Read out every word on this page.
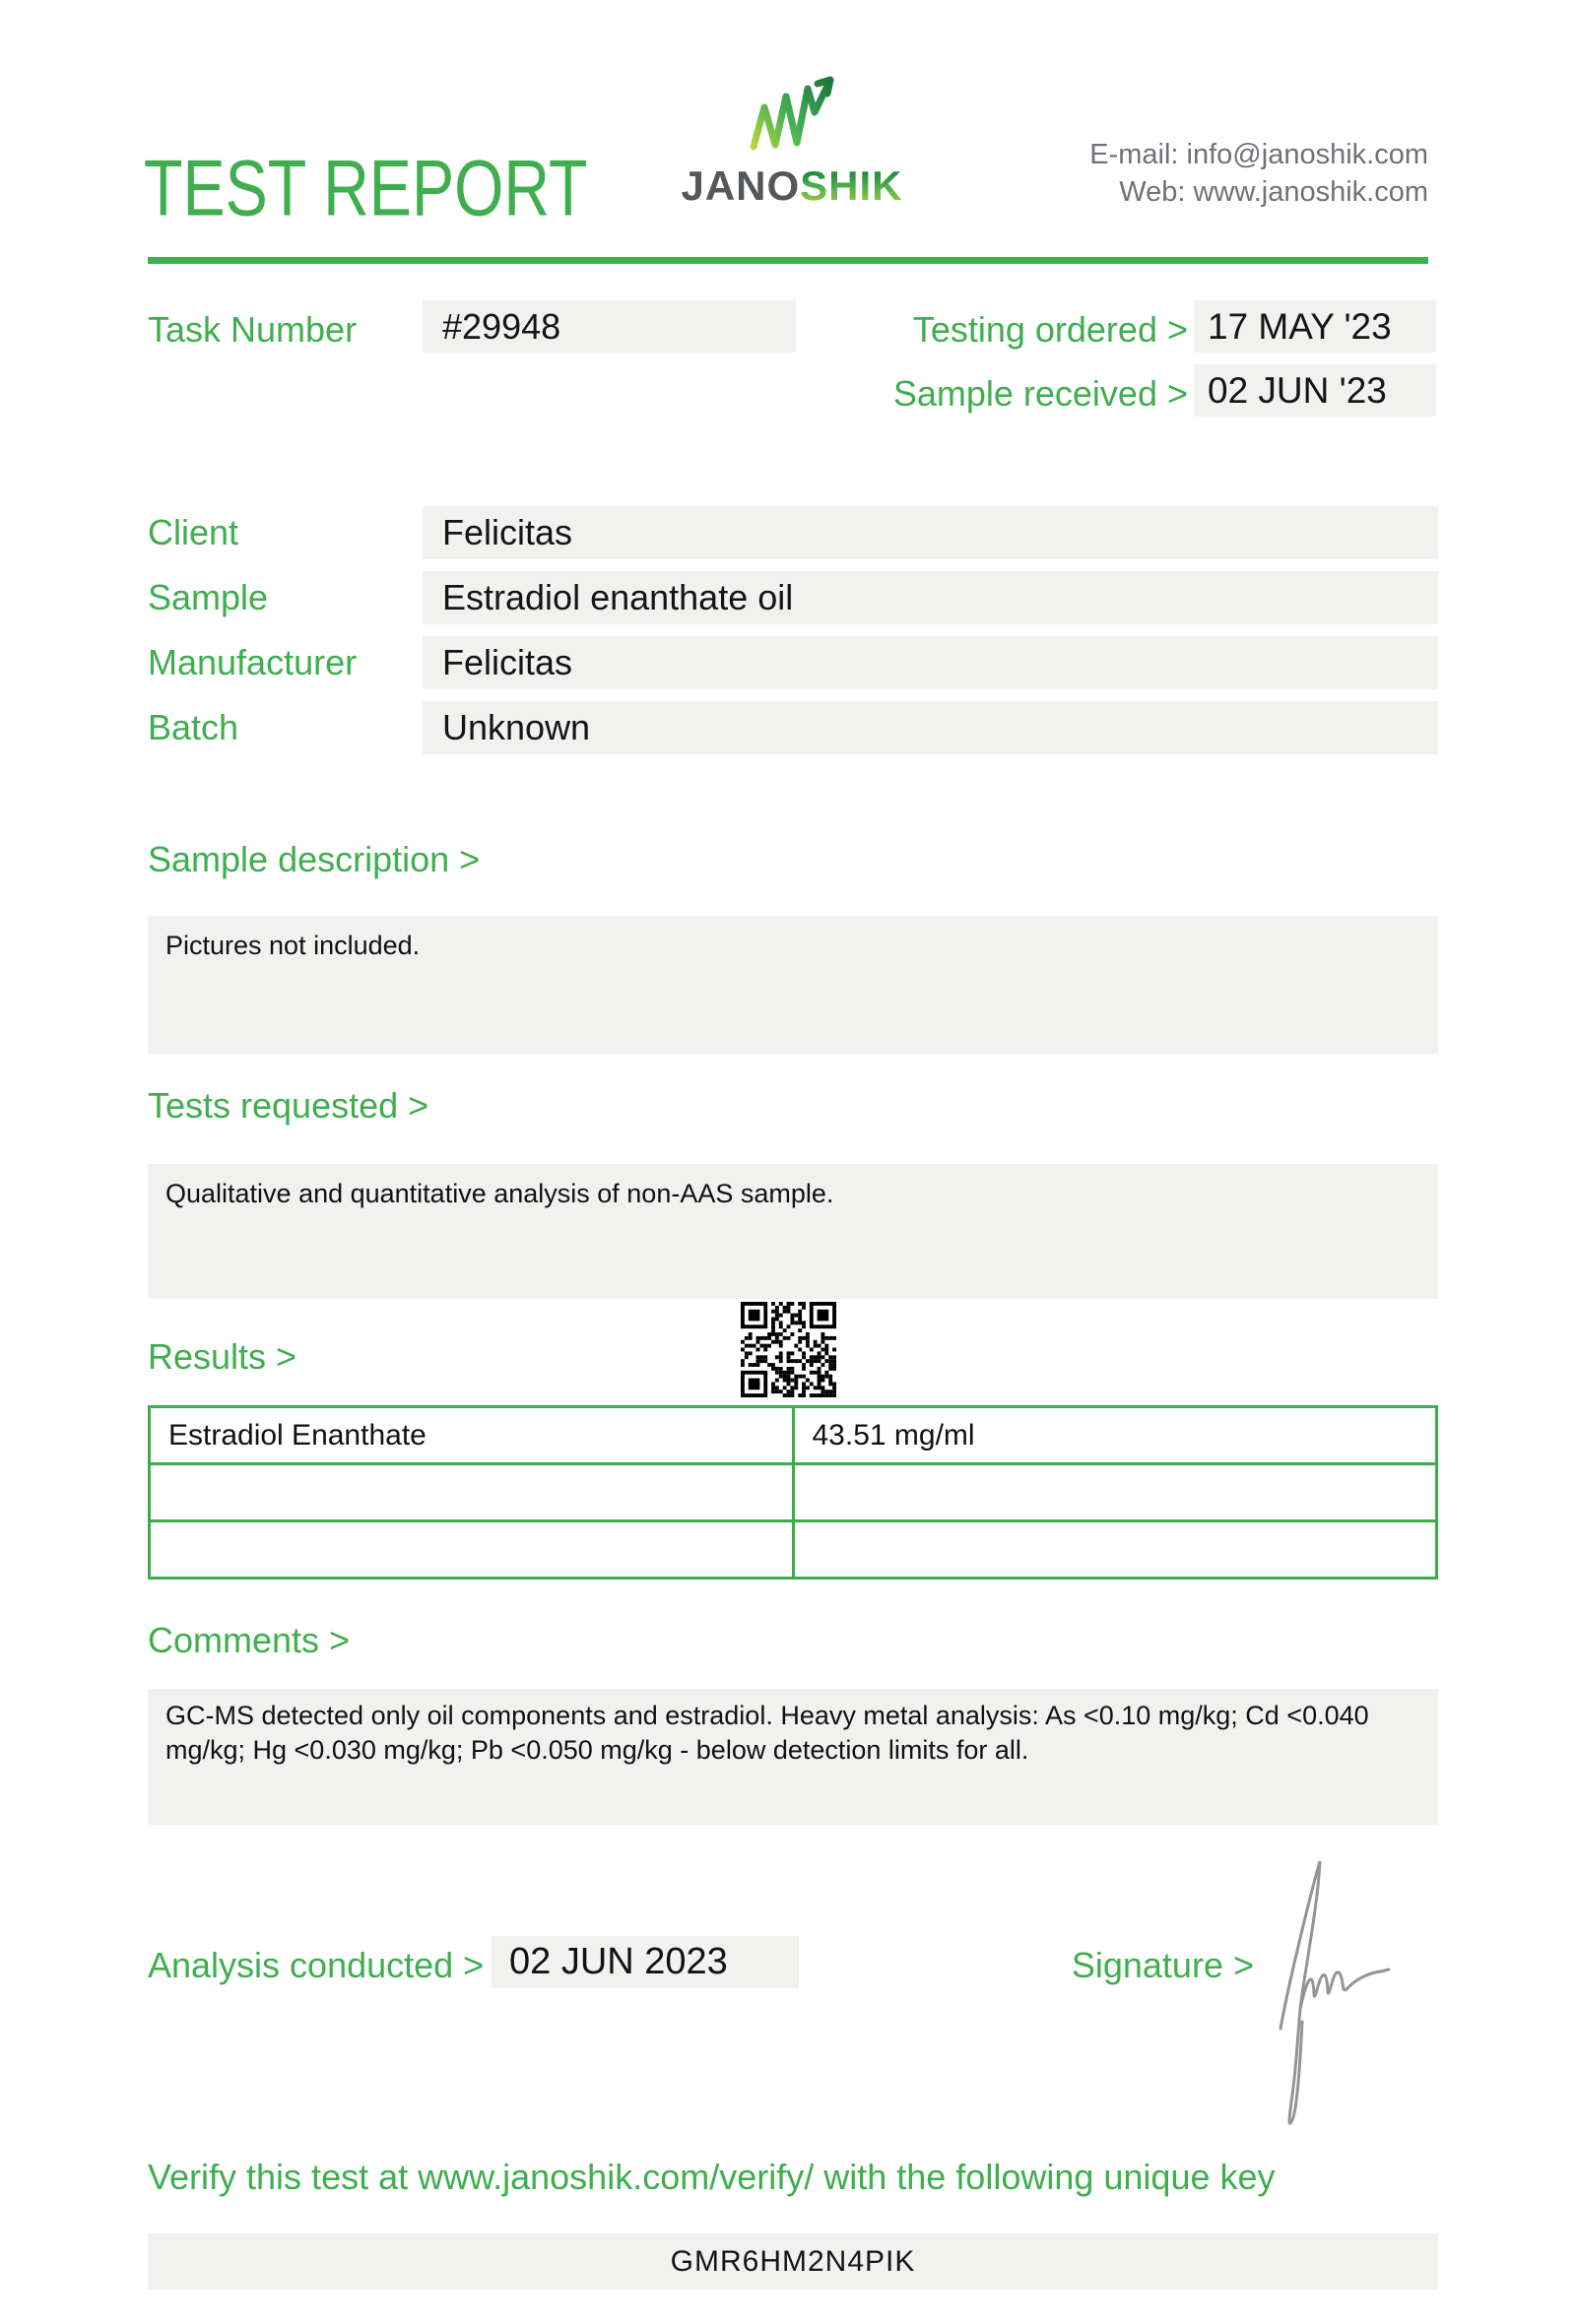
TEST REPORT JANOSHIK
E-mail: info@janoshik.com
Web: www.janoshik.com
Task Number	#29948	Testing ordered > 17 MAY '23
Sample received > 02 JUN '23
Client	Felicitas
Sample	Estradiol enanthate oil
Manufacturer	Felicitas
Batch	Unknown
Sample description >
Pictures not included.
Tests requested >
Qualitative and quantitative analysis of non-AAS sample.
Results >
Estradiol Enanthate	43.51 mg/ml

Comments >
GC-MS detected only oil components and estradiol. Heavy metal analysis: As <0.10 mg/kg; Cd <0.040 mg/kg; Hg <0.030 mg/kg; Pb <0.050 mg/kg - below detection limits for all.
Analysis conducted > 02 JUN 2023	Signature >
Verify this test at www.janoshik.com/verify/ with the following unique key
GMR6HM2N4PIK
